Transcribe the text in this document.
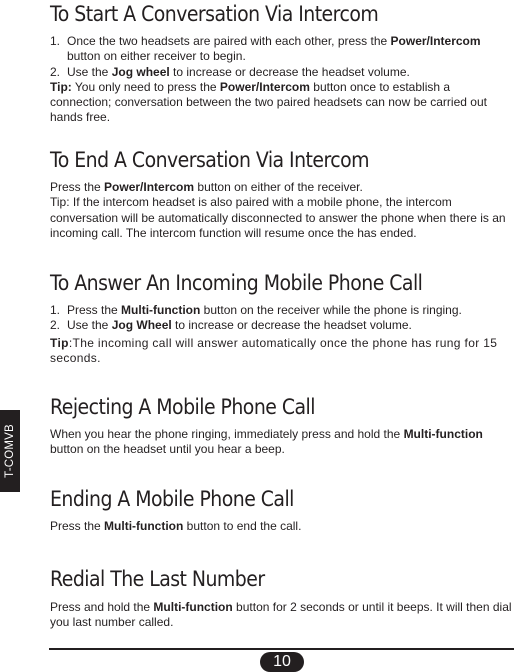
To Start A Conversation Via Intercom
1. Once the two headsets are paired with each other, press the Power/Intercom
button on either receiver to begin.
2. Use the Jog wheel to increase or decrease the headset volume.
Tip: You only need to press the Power/Intercom button once to establish a connection; conversation between the two paired headsets can now be carried out hands free.
To End A Conversation Via Intercom
Press the Power/Intercom button on either of the receiver.
Tip: If the intercom headset is also paired with a mobile phone, the intercom conversation will be automatically disconnected to answer the phone when there is an incoming call. The intercom function will resume once the has ended.
To Answer An Incoming Mobile Phone Call
1. Press the Multi-function button on the receiver while the phone is ringing.
2. Use the Jog Wheel to increase or decrease the headset volume.
Tip:The incoming call will answer automatically once the phone has rung for 15 seconds.
Rejecting A Mobile Phone Call
When you hear the phone ringing, immediately press and hold the Multi-function button on the headset until you hear a beep.
Ending A Mobile Phone Call
Press the Multi-function button to end the call.
Redial The Last Number
Press and hold the Multi-function button for 2 seconds or until it beeps. It will then dial you last number called.
T-COMVB
10
